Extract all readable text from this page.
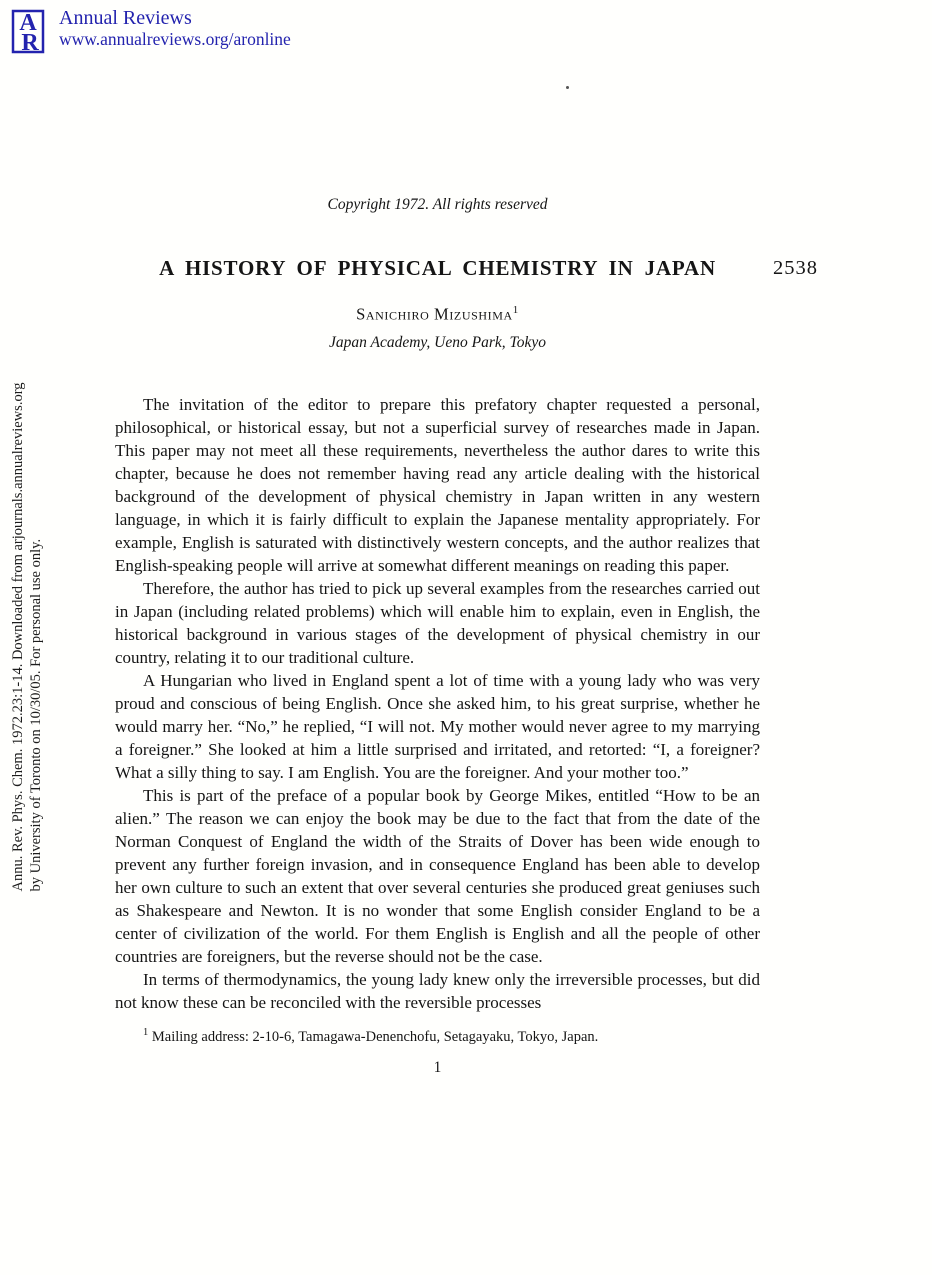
A
R
Annual Reviews
www.annualreviews.org/aronline
Annu. Rev. Phys. Chem. 1972.23:1-14. Downloaded from arjournals.annualreviews.org by University of Toronto on 10/30/05. For personal use only.
Copyright 1972. All rights reserved
A HISTORY OF PHYSICAL CHEMISTRY IN JAPAN	2538
Sanichiro Mizushima$^1$
Japan Academy, Ueno Park, Tokyo

The invitation of the editor to prepare this prefatory chapter requested a personal, philosophical, or historical essay, but not a superficial survey of researches made in Japan. This paper may not meet all these requirements, nevertheless the author dares to write this chapter, because he does not remember having read any article dealing with the historical background of the development of physical chemistry in Japan written in any western language, in which it is fairly difficult to explain the Japanese mentality appropriately. For example, English is saturated with distinctively western concepts, and the author realizes that English-speaking people will arrive at somewhat different meanings on reading this paper.

Therefore, the author has tried to pick up several examples from the researches carried out in Japan (including related problems) which will enable him to explain, even in English, the historical background in various stages of the development of physical chemistry in our country, relating it to our traditional culture.

A Hungarian who lived in England spent a lot of time with a young lady who was very proud and conscious of being English. Once she asked him, to his great surprise, whether he would marry her. “No,” he replied, “I will not. My mother would never agree to my marrying a foreigner.” She looked at him a little surprised and irritated, and retorted: “I, a foreigner? What a silly thing to say. I am English. You are the foreigner. And your mother too.”

This is part of the preface of a popular book by George Mikes, entitled “How to be an alien.” The reason we can enjoy the book may be due to the fact that from the date of the Norman Conquest of England the width of the Straits of Dover has been wide enough to prevent any further foreign invasion, and in consequence England has been able to develop her own culture to such an extent that over several centuries she produced great geniuses such as Shakespeare and Newton. It is no wonder that some English consider England to be a center of civilization of the world. For them English is English and all the people of other countries are foreigners, but the reverse should not be the case.

In terms of thermodynamics, the young lady knew only the irreversible processes, but did not know these can be reconciled with the reversible processes

$^1$ Mailing address: 2-10-6, Tamagawa-Denenchofu, Setagayaku, Tokyo, Japan.
1
